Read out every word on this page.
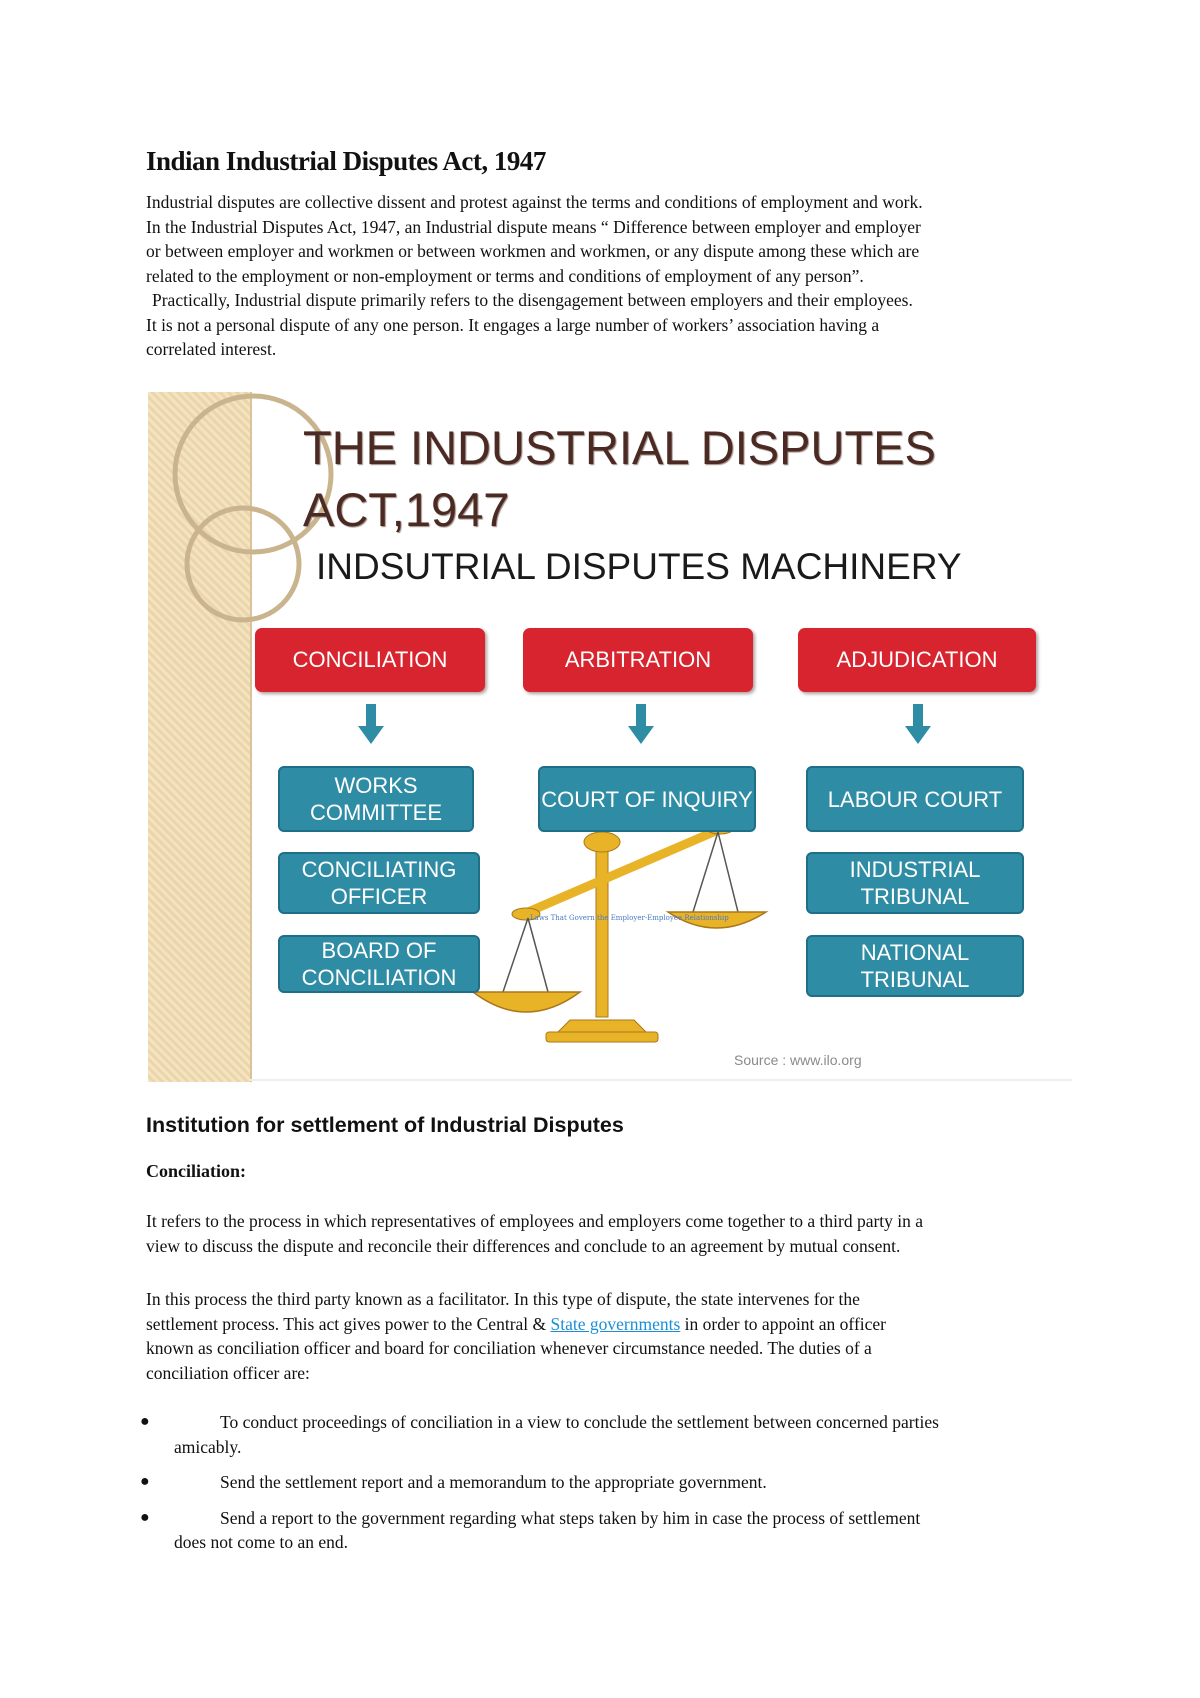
Indian Industrial Disputes Act, 1947

Industrial disputes are collective dissent and protest against the terms and conditions of employment and work.

In the Industrial Disputes Act, 1947, an Industrial dispute means “ Difference between employer and employer

or between employer and workmen or between workmen and workmen, or any dispute among these which are

related to the employment or non-employment or terms and conditions of employment of any person”.

Practically, Industrial dispute primarily refers to the disengagement between employers and their employees.

It is not a personal dispute of any one person. It engages a large number of workers’ association having a

correlated interest.

THE INDUSTRIAL DISPUTES
ACT,1947
INDSUTRIAL DISPUTES MACHINERY
CONCILIATION	ARBITRATION	ADJUDICATION
WORKS COMMITTEE
CONCILIATING OFFICER
BOARD OF CONCILIATION
COURT OF INQUIRY	LABOUR COURT
INDUSTRIAL TRIBUNAL
NATIONAL TRIBUNAL
Laws That Govern the Employer-Employee Relationship
Source : www.ilo.org
Institution for settlement of Industrial Disputes
Conciliation:
It refers to the process in which representatives of employees and employers come together to a third party in a
view to discuss the dispute and reconcile their differences and conclude to an agreement by mutual consent.
In this process the third party known as a facilitator. In this type of dispute, the state intervenes for the
settlement process. This act gives power to the Central & State governments in order to appoint an officer
known as conciliation officer and board for conciliation whenever circumstance needed. The duties of a
conciliation officer are:
●	To conduct proceedings of conciliation in a view to conclude the settlement between concerned parties
amicably.
●	Send the settlement report and a memorandum to the appropriate government.
●	Send a report to the government regarding what steps taken by him in case the process of settlement
does not come to an end.
